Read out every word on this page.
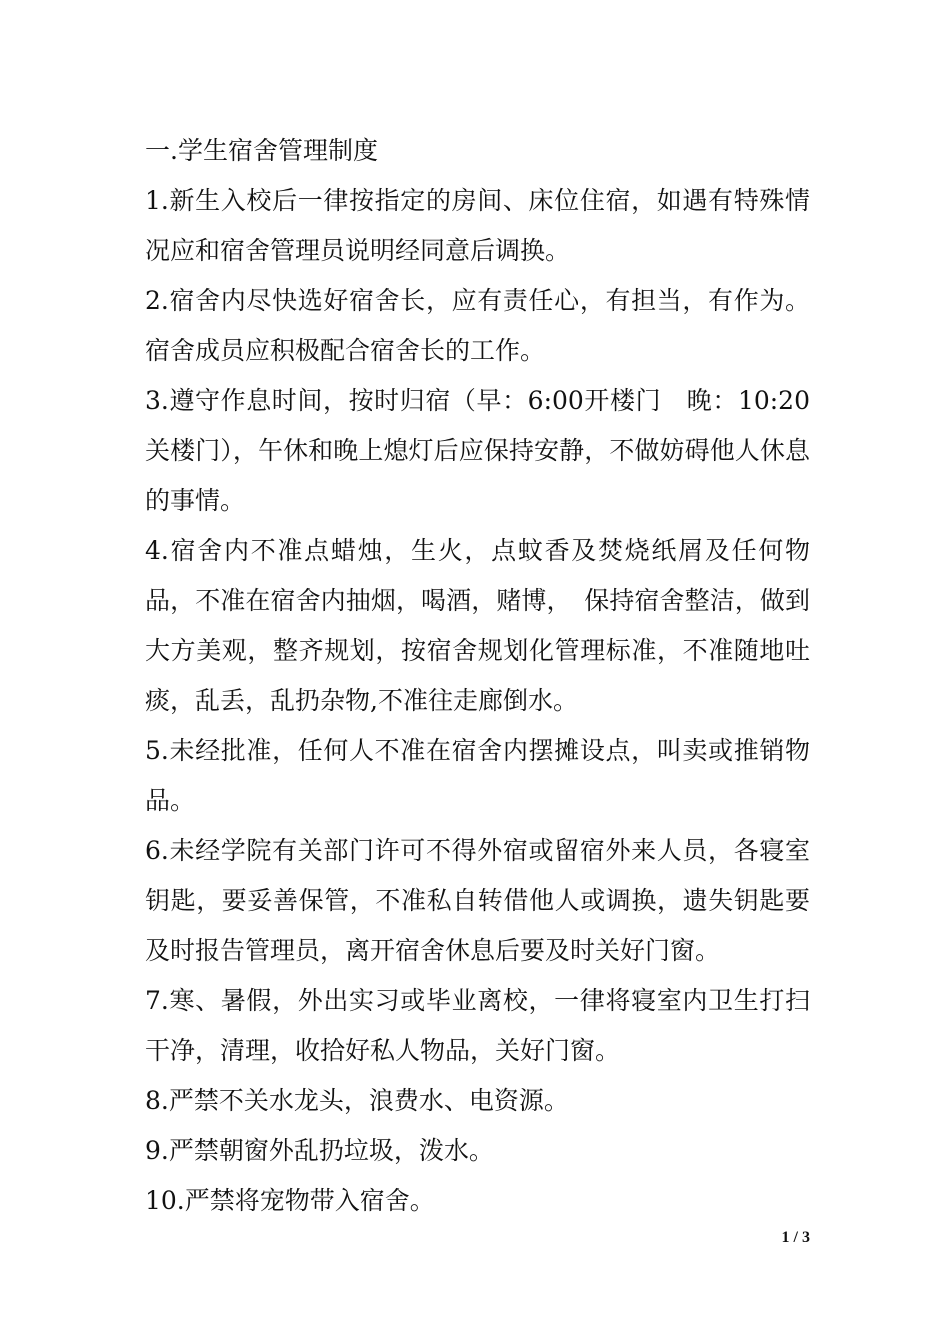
一.学生宿舍管理制度

1.新生入校后一律按指定的房间、床位住宿，如遇有特殊情况应和宿舍管理员说明经同意后调换。

2.宿舍内尽快选好宿舍长，应有责任心，有担当，有作为。宿舍成员应积极配合宿舍长的工作。

3.遵守作息时间，按时归宿（早：6:00开楼门　晚：10:20关楼门），午休和晚上熄灯后应保持安静，不做妨碍他人休息的事情。

4.宿舍内不准点蜡烛，生火，点蚊香及焚烧纸屑及任何物品，不准在宿舍内抽烟，喝酒，赌博，　保持宿舍整洁，做到大方美观，整齐规划，按宿舍规划化管理标准，不准随地吐痰，乱丢，乱扔杂物,不准往走廊倒水。

5.未经批准，任何人不准在宿舍内摆摊设点，叫卖或推销物品。

6.未经学院有关部门许可不得外宿或留宿外来人员，各寝室钥匙，要妥善保管，不准私自转借他人或调换，遗失钥匙要及时报告管理员，离开宿舍休息后要及时关好门窗。

7.寒、暑假，外出实习或毕业离校，一律将寝室内卫生打扫干净，清理，收拾好私人物品，关好门窗。

8.严禁不关水龙头，浪费水、电资源。

9.严禁朝窗外乱扔垃圾，泼水。

10.严禁将宠物带入宿舍。

1 / 3
